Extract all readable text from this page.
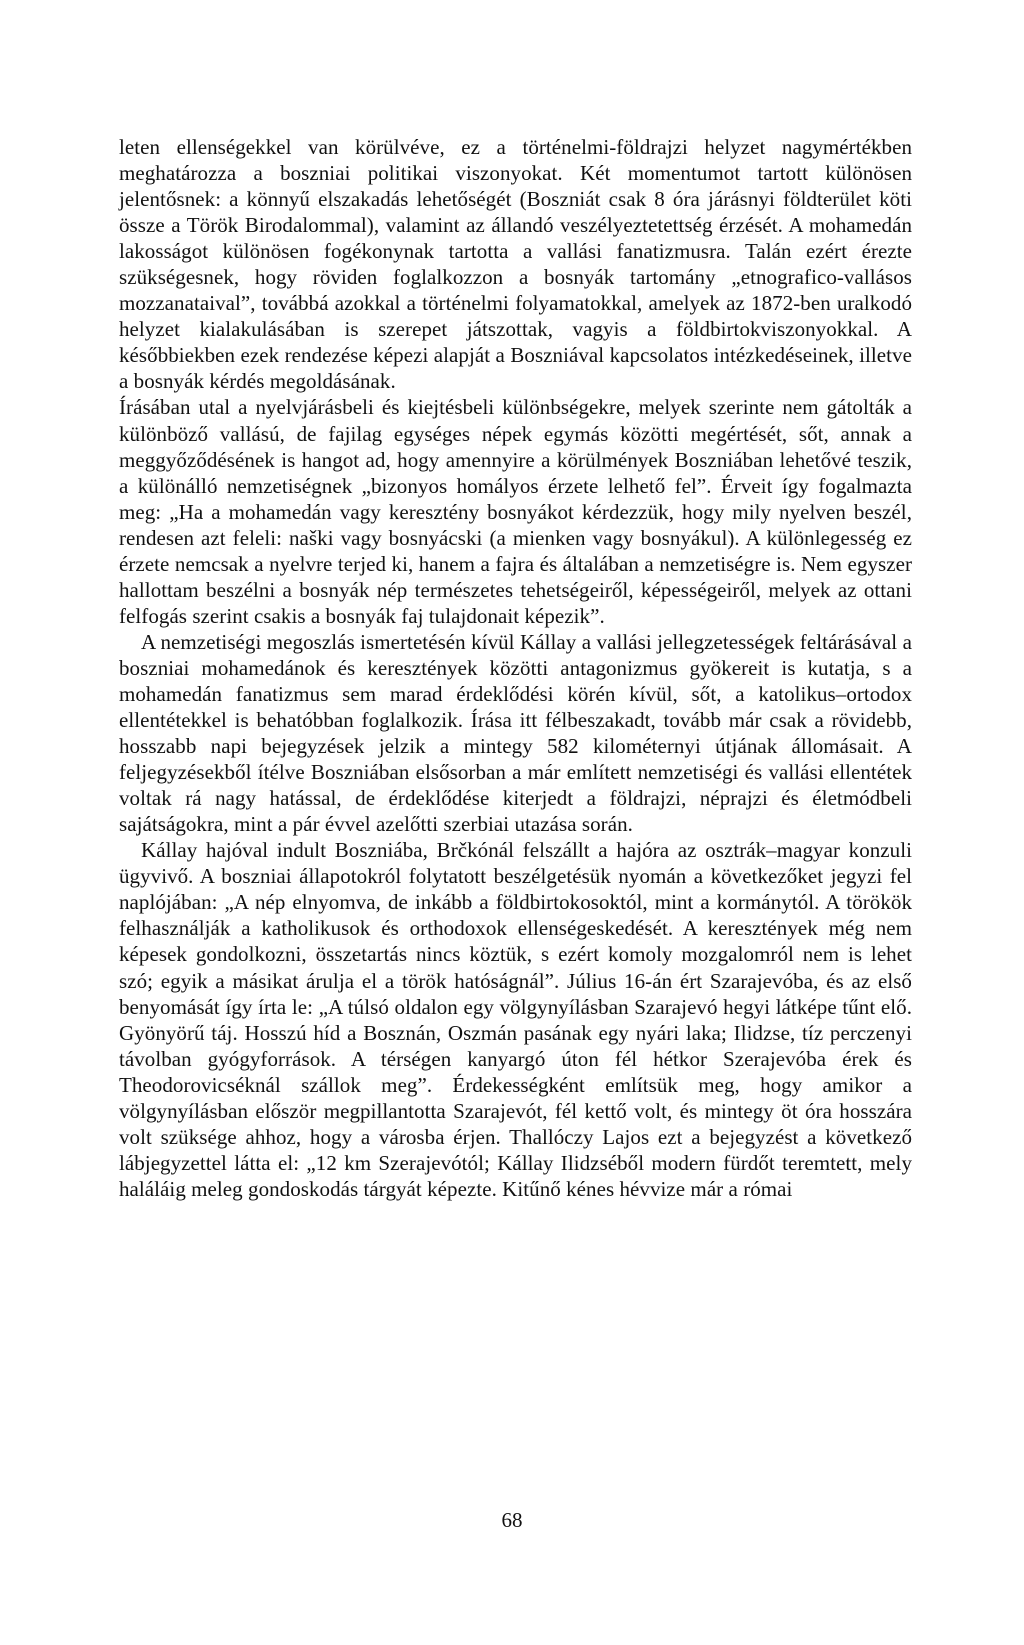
leten ellenségekkel van körülvéve, ez a történelmi-földrajzi helyzet nagymértékben meghatározza a boszniai politikai viszonyokat. Két momentumot tartott különösen jelentősnek: a könnyű elszakadás lehetőségét (Boszniát csak 8 óra járásnyi földterület köti össze a Török Birodalommal), valamint az állandó veszélyeztetettség érzését. A mohamedán lakosságot különösen fogékonynak tartotta a vallási fanatizmusra. Talán ezért érezte szükségesnek, hogy röviden foglalkozzon a bosnyák tartomány „etnografico-vallásos mozzanataival”, továbbá azokkal a történelmi folyamatokkal, amelyek az 1872-ben uralkodó helyzet kialakulásában is szerepet játszottak, vagyis a földbirtokviszonyokkal. A későbbiekben ezek rendezése képezi alapját a Boszniával kapcsolatos intézkedéseinek, illetve a bosnyák kérdés megoldásának.

Írásában utal a nyelvjárásbeli és kiejtésbeli különbségekre, melyek szerinte nem gátolták a különböző vallású, de fajilag egységes népek egymás közötti megértését, sőt, annak a meggyőződésének is hangot ad, hogy amennyire a körülmények Boszniában lehetővé teszik, a különálló nemzetiségnek „bizonyos homályos érzete lelhető fel”. Érveit így fogalmazta meg: „Ha a mohamedán vagy keresztény bosnyákot kérdezzük, hogy mily nyelven beszél, rendesen azt feleli: naški vagy bosnyácski (a mienken vagy bosnyákul). A különlegesség ez érzete nemcsak a nyelvre terjed ki, hanem a fajra és általában a nemzetiségre is. Nem egyszer hallottam beszélni a bosnyák nép természetes tehetségeiről, képességeiről, melyek az ottani felfogás szerint csakis a bosnyák faj tulajdonait képezik”.

A nemzetiségi megoszlás ismertetésén kívül Kállay a vallási jellegzetességek feltárásával a boszniai mohamedánok és keresztények közötti antagonizmus gyökereit is kutatja, s a mohamedán fanatizmus sem marad érdeklődési körén kívül, sőt, a katolikus–ortodox ellentétekkel is behatóbban foglalkozik. Írása itt félbeszakadt, tovább már csak a rövidebb, hosszabb napi bejegyzések jelzik a mintegy 582 kilométernyi útjának állomásait. A feljegyzésekből ítélve Boszniában elsősorban a már említett nemzetiségi és vallási ellentétek voltak rá nagy hatással, de érdeklődése kiterjedt a földrajzi, néprajzi és életmódbeli sajátságokra, mint a pár évvel azelőtti szerbiai utazása során.

Kállay hajóval indult Boszniába, Brčkónál felszállt a hajóra az osztrák–magyar konzuli ügyvivő. A boszniai állapotokról folytatott beszélgetésük nyomán a következőket jegyzi fel naplójában: „A nép elnyomva, de inkább a földbirtokosoktól, mint a kormánytól. A törökök felhasználják a katholikusok és orthodoxok ellenségeskedését. A keresztények még nem képesek gondolkozni, összetartás nincs köztük, s ezért komoly mozgalomról nem is lehet szó; egyik a másikat árulja el a török hatóságnál”. Július 16-án ért Szarajevóba, és az első benyomását így írta le: „A túlsó oldalon egy völgynyílásban Szarajevó hegyi látképe tűnt elő. Gyönyörű táj. Hosszú híd a Bosznán, Oszmán pasának egy nyári laka; Ilidzse, tíz perczenyi távolban gyógyforrások. A térségen kanyargó úton fél hétkor Szerajevóba érek és Theodorovicséknál szállok meg”. Érdekességként említsük meg, hogy amikor a völgynyílásban először megpillantotta Szarajevót, fél kettő volt, és mintegy öt óra hosszára volt szüksége ahhoz, hogy a városba érjen. Thallóczy Lajos ezt a bejegyzést a következő lábjegyzettel látta el: „12 km Szerajevótól; Kállay Ilidzséből modern fürdőt teremtett, mely haláláig meleg gondoskodás tárgyát képezte. Kitűnő kénes hévvize már a római

68
